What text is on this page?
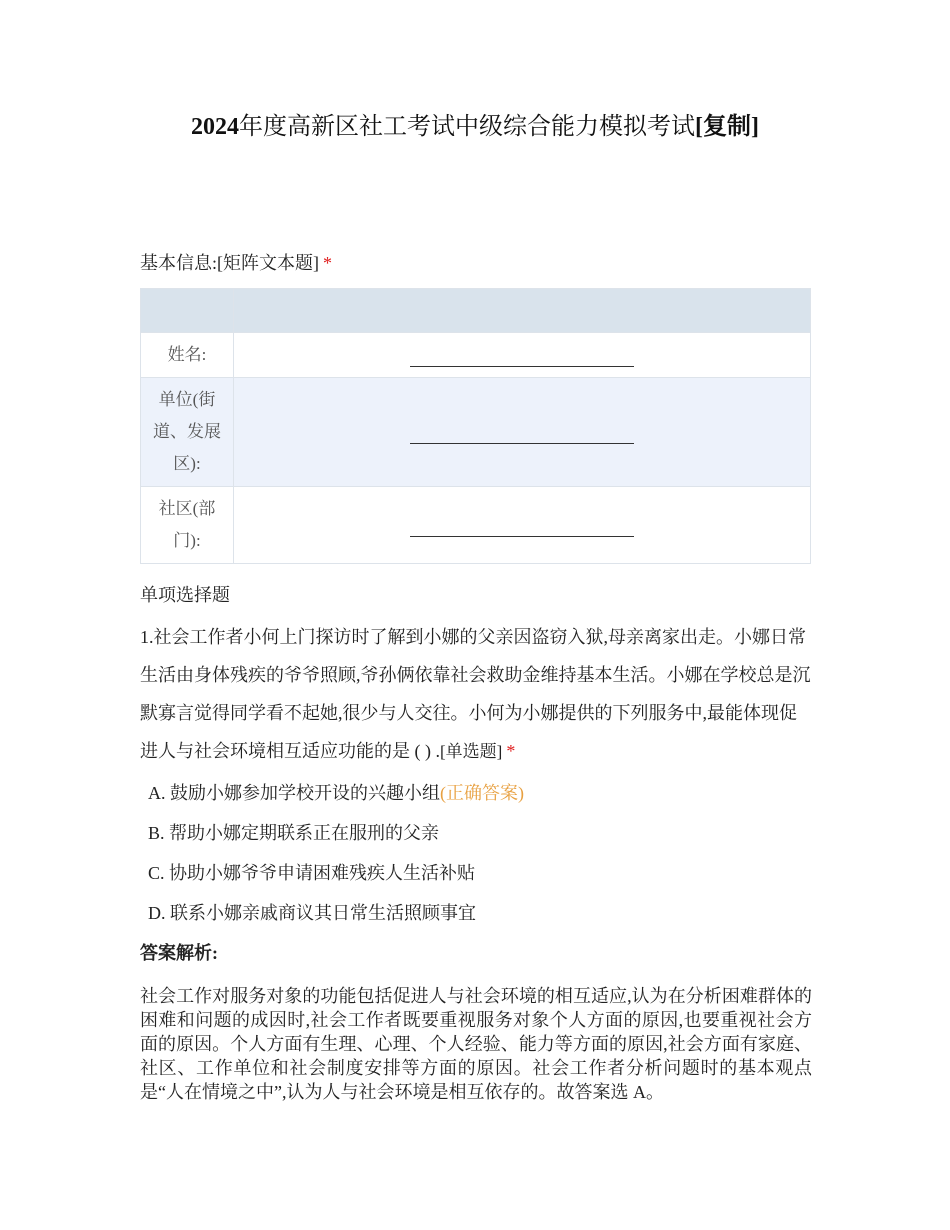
2024年度高新区社工考试中级综合能力模拟考试[复制]
基本信息:[矩阵文本题] *

姓名:	

单位(街道、发展区):	

社区(部门):	
单项选择题
1.社会工作者小何上门探访时了解到小娜的父亲因盗窃入狱,母亲离家出走。小娜日常生活由身体残疾的爷爷照顾,爷孙俩依靠社会救助金维持基本生活。小娜在学校总是沉默寡言觉得同学看不起她,很少与人交往。小何为小娜提供的下列服务中,最能体现促进人与社会环境相互适应功能的是 ( ) .[单选题] *
A. 鼓励小娜参加学校开设的兴趣小组(正确答案)
B. 帮助小娜定期联系正在服刑的父亲
C. 协助小娜爷爷申请困难残疾人生活补贴
D. 联系小娜亲戚商议其日常生活照顾事宜
答案解析:
社会工作对服务对象的功能包括促进人与社会环境的相互适应,认为在分析困难群体的困难和问题的成因时,社会工作者既要重视服务对象个人方面的原因,也要重视社会方面的原因。个人方面有生理、心理、个人经验、能力等方面的原因,社会方面有家庭、社区、工作单位和社会制度安排等方面的原因。社会工作者分析问题时的基本观点是“人在情境之中”,认为人与社会环境是相互依存的。故答案选 A。
